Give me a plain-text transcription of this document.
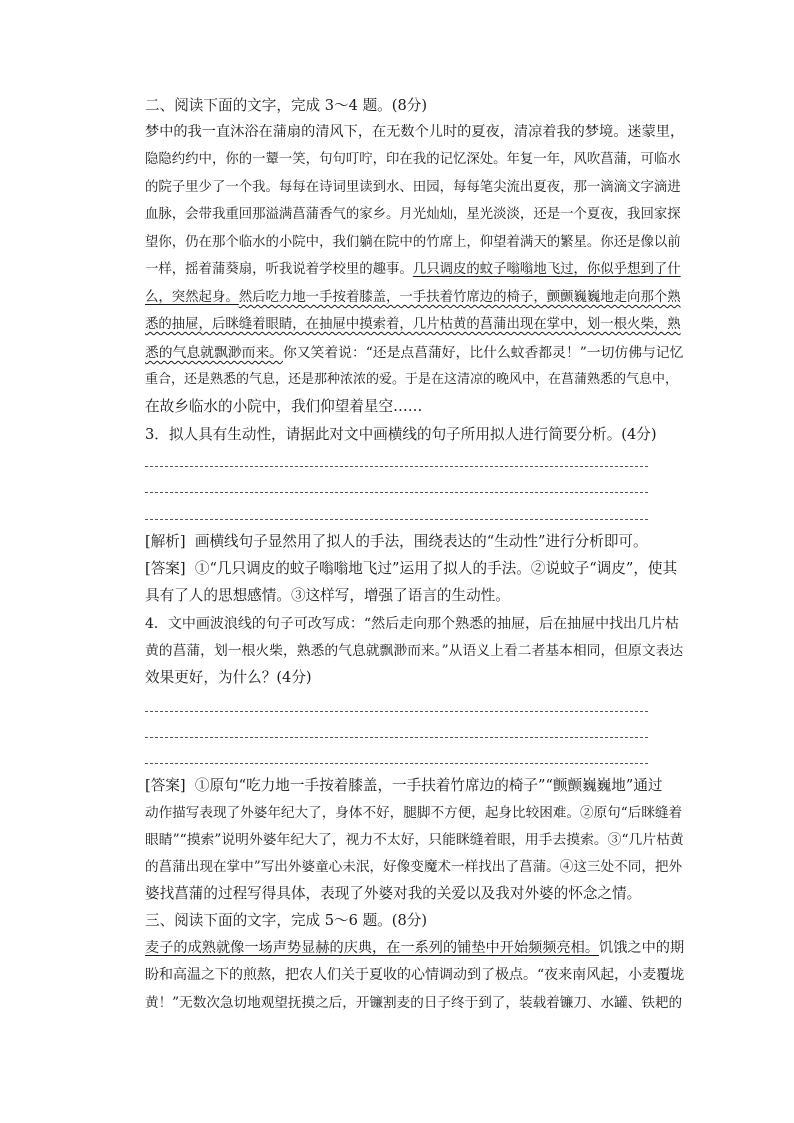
二、阅读下面的文字，完成 3～4 题。(8分)
梦中的我一直沐浴在蒲扇的清风下，在无数个儿时的夏夜，清凉着我的梦境。迷蒙里，
隐隐约约中，你的一颦一笑，句句叮咛，印在我的记忆深处。年复一年，风吹菖蒲，可临水
的院子里少了一个我。每每在诗词里读到水、田园，每每笔尖流出夏夜，那一滴滴文字滴进
血脉，会带我重回那溢满菖蒲香气的家乡。月光灿灿，星光淡淡，还是一个夏夜，我回家探
望你，仍在那个临水的小院中，我们躺在院中的竹席上，仰望着满天的繁星。你还是像以前
一样，摇着蒲葵扇，听我说着学校里的趣事。几只调皮的蚊子嗡嗡地飞过，你似乎想到了什
么，突然起身。然后吃力地一手按着膝盖，一手扶着竹席边的椅子，颤颤巍巍地走向那个熟
悉的抽屉，后眯缝着眼睛，在抽屉中摸索着，几片枯黄的菖蒲出现在掌中，划一根火柴，熟
悉的气息就飘渺而来。你又笑着说：“还是点菖蒲好，比什么蚊香都灵！”一切仿佛与记忆
重合，还是熟悉的气息，还是那种浓浓的爱。于是在这清凉的晚风中，在菖蒲熟悉的气息中，
在故乡临水的小院中，我们仰望着星空……
3．拟人具有生动性，请据此对文中画横线的句子所用拟人进行简要分析。(4分)
[解析] 画横线句子显然用了拟人的手法，围绕表达的“生动性”进行分析即可。
[答案] ①“几只调皮的蚊子嗡嗡地飞过”运用了拟人的手法。②说蚊子“调皮”，使其
具有了人的思想感情。③这样写，增强了语言的生动性。
4．文中画波浪线的句子可改写成：“然后走向那个熟悉的抽屉，后在抽屉中找出几片枯
黄的菖蒲，划一根火柴，熟悉的气息就飘渺而来。”从语义上看二者基本相同，但原文表达
效果更好，为什么？(4分)
[答案] ①原句“吃力地一手按着膝盖，一手扶着竹席边的椅子”“颤颤巍巍地”通过
动作描写表现了外婆年纪大了，身体不好，腿脚不方便，起身比较困难。②原句“后眯缝着
眼睛”“摸索”说明外婆年纪大了，视力不太好，只能眯缝着眼，用手去摸索。③“几片枯黄
的菖蒲出现在掌中”写出外婆童心未泯，好像变魔术一样找出了菖蒲。④这三处不同，把外
婆找菖蒲的过程写得具体，表现了外婆对我的关爱以及我对外婆的怀念之情。
三、阅读下面的文字，完成 5～6 题。(8分)
麦子的成熟就像一场声势显赫的庆典，在一系列的铺垫中开始频频亮相。饥饿之中的期
盼和高温之下的煎熬，把农人们关于夏收的心情调动到了极点。“夜来南风起，小麦覆垅
黄！”无数次急切地观望抚摸之后，开镰割麦的日子终于到了，装载着镰刀、水罐、铁耙的
